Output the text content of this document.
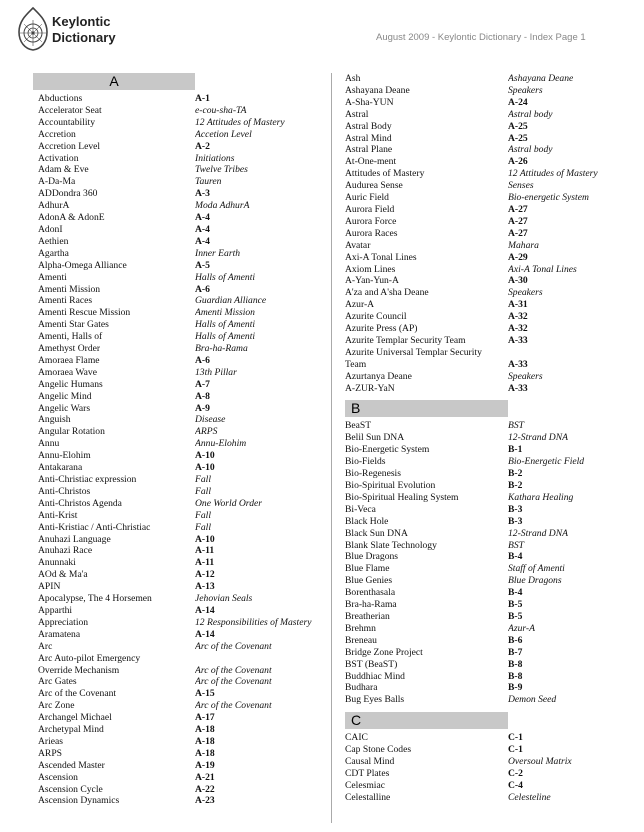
Keylontic
Dictionary	August 2009 - Keylontic Dictionary - Index Page 1
A
Abductions	A-1
Accelerator Seat	e-cou-sha-TA
Accountability	12 Attitudes of Mastery
Accretion	Accetion Level
Accretion Level	A-2
Activation	Initiations
Adam & Eve	Twelve Tribes
A-Da-Ma	Tauren
ADDondra 360	A-3
AdhurA	Moda AdhurA
AdonA & AdonE	A-4
AdonI	A-4
Aethien	A-4
Agartha	Inner Earth
Alpha-Omega Alliance	A-5
Amenti	Halls of Amenti
Amenti Mission	A-6
Amenti Races	Guardian Alliance
Amenti Rescue Mission	Amenti Mission
Amenti Star Gates	Halls of Amenti
Amenti, Halls of	Halls of Amenti
Amethyst Order	Bra-ha-Rama
Amoraea Flame	A-6
Amoraea Wave	13th Pillar
Angelic Humans	A-7
Angelic Mind	A-8
Angelic Wars	A-9
Anguish	Disease
Angular Rotation	ARPS
Annu	Annu-Elohim
Annu-Elohim	A-10
Antakarana	A-10
Anti-Christiac expression	Fall
Anti-Christos	Fall
Anti-Christos Agenda	One World Order
Anti-Krist	Fall
Anti-Kristiac / Anti-Christiac	Fall
Anuhazi Language	A-10
Anuhazi Race	A-11
Anunnaki	A-11
AOd & Ma'a	A-12
APIN	A-13
Apocalypse, The 4 Horsemen	Jehovian Seals
Apparthi	A-14
Appreciation	12 Responsibilities of Mastery
Aramatena	A-14
Arc	Arc of the Covenant
Arc Auto-pilot Emergency
Override Mechanism	Arc of the Covenant
Arc Gates	Arc of the Covenant
Arc of the Covenant	A-15
Arc Zone	Arc of the Covenant
Archangel Michael	A-17
Archetypal Mind	A-18
Arieas	A-18
ARPS	A-18
Ascended Master	A-19
Ascension	A-21
Ascension Cycle	A-22
Ascension Dynamics	A-23
Ash	Ashayana Deane
Ashayana Deane	Speakers
A-Sha-YUN	A-24
Astral	Astral body
Astral Body	A-25
Astral Mind	A-25
Astral Plane	Astral body
At-One-ment	A-26
Attitudes of Mastery	12 Attitudes of Mastery
Audurea Sense	Senses
Auric Field	Bio-energetic System
Aurora Field	A-27
Aurora Force	A-27
Aurora Races	A-27
Avatar	Mahara
Axi-A Tonal Lines	A-29
Axiom Lines	Axi-A Tonal Lines
A-Yan-Yun-A	A-30
A'za and A'sha Deane	Speakers
Azur-A	A-31
Azurite Council	A-32
Azurite Press (AP)	A-32
Azurite Templar Security Team	A-33
Azurite Universal Templar Security
Team	A-33
Azurtanya Deane	Speakers
A-ZUR-YaN	A-33
B
BeaST	BST
Belil Sun DNA	12-Strand DNA
Bio-Energetic System	B-1
Bio-Fields	Bio-Energetic Field
Bio-Regenesis	B-2
Bio-Spiritual Evolution	B-2
Bio-Spiritual Healing System	Kathara Healing
Bi-Veca	B-3
Black Hole	B-3
Black Sun DNA	12-Strand DNA
Blank Slate Technology	BST
Blue Dragons	B-4
Blue Flame	Staff of Amenti
Blue Genies	Blue Dragons
Borenthasala	B-4
Bra-ha-Rama	B-5
Breatherian	B-5
Brehmn	Azur-A
Breneau	B-6
Bridge Zone Project	B-7
BST (BeaST)	B-8
Buddhiac Mind	B-8
Budhara	B-9
Bug Eyes Balls	Demon Seed
C
CAIC	C-1
Cap Stone Codes	C-1
Causal Mind	Oversoul Matrix
CDT Plates	C-2
Celesmiac	C-4
Celestalline	Celesteline
